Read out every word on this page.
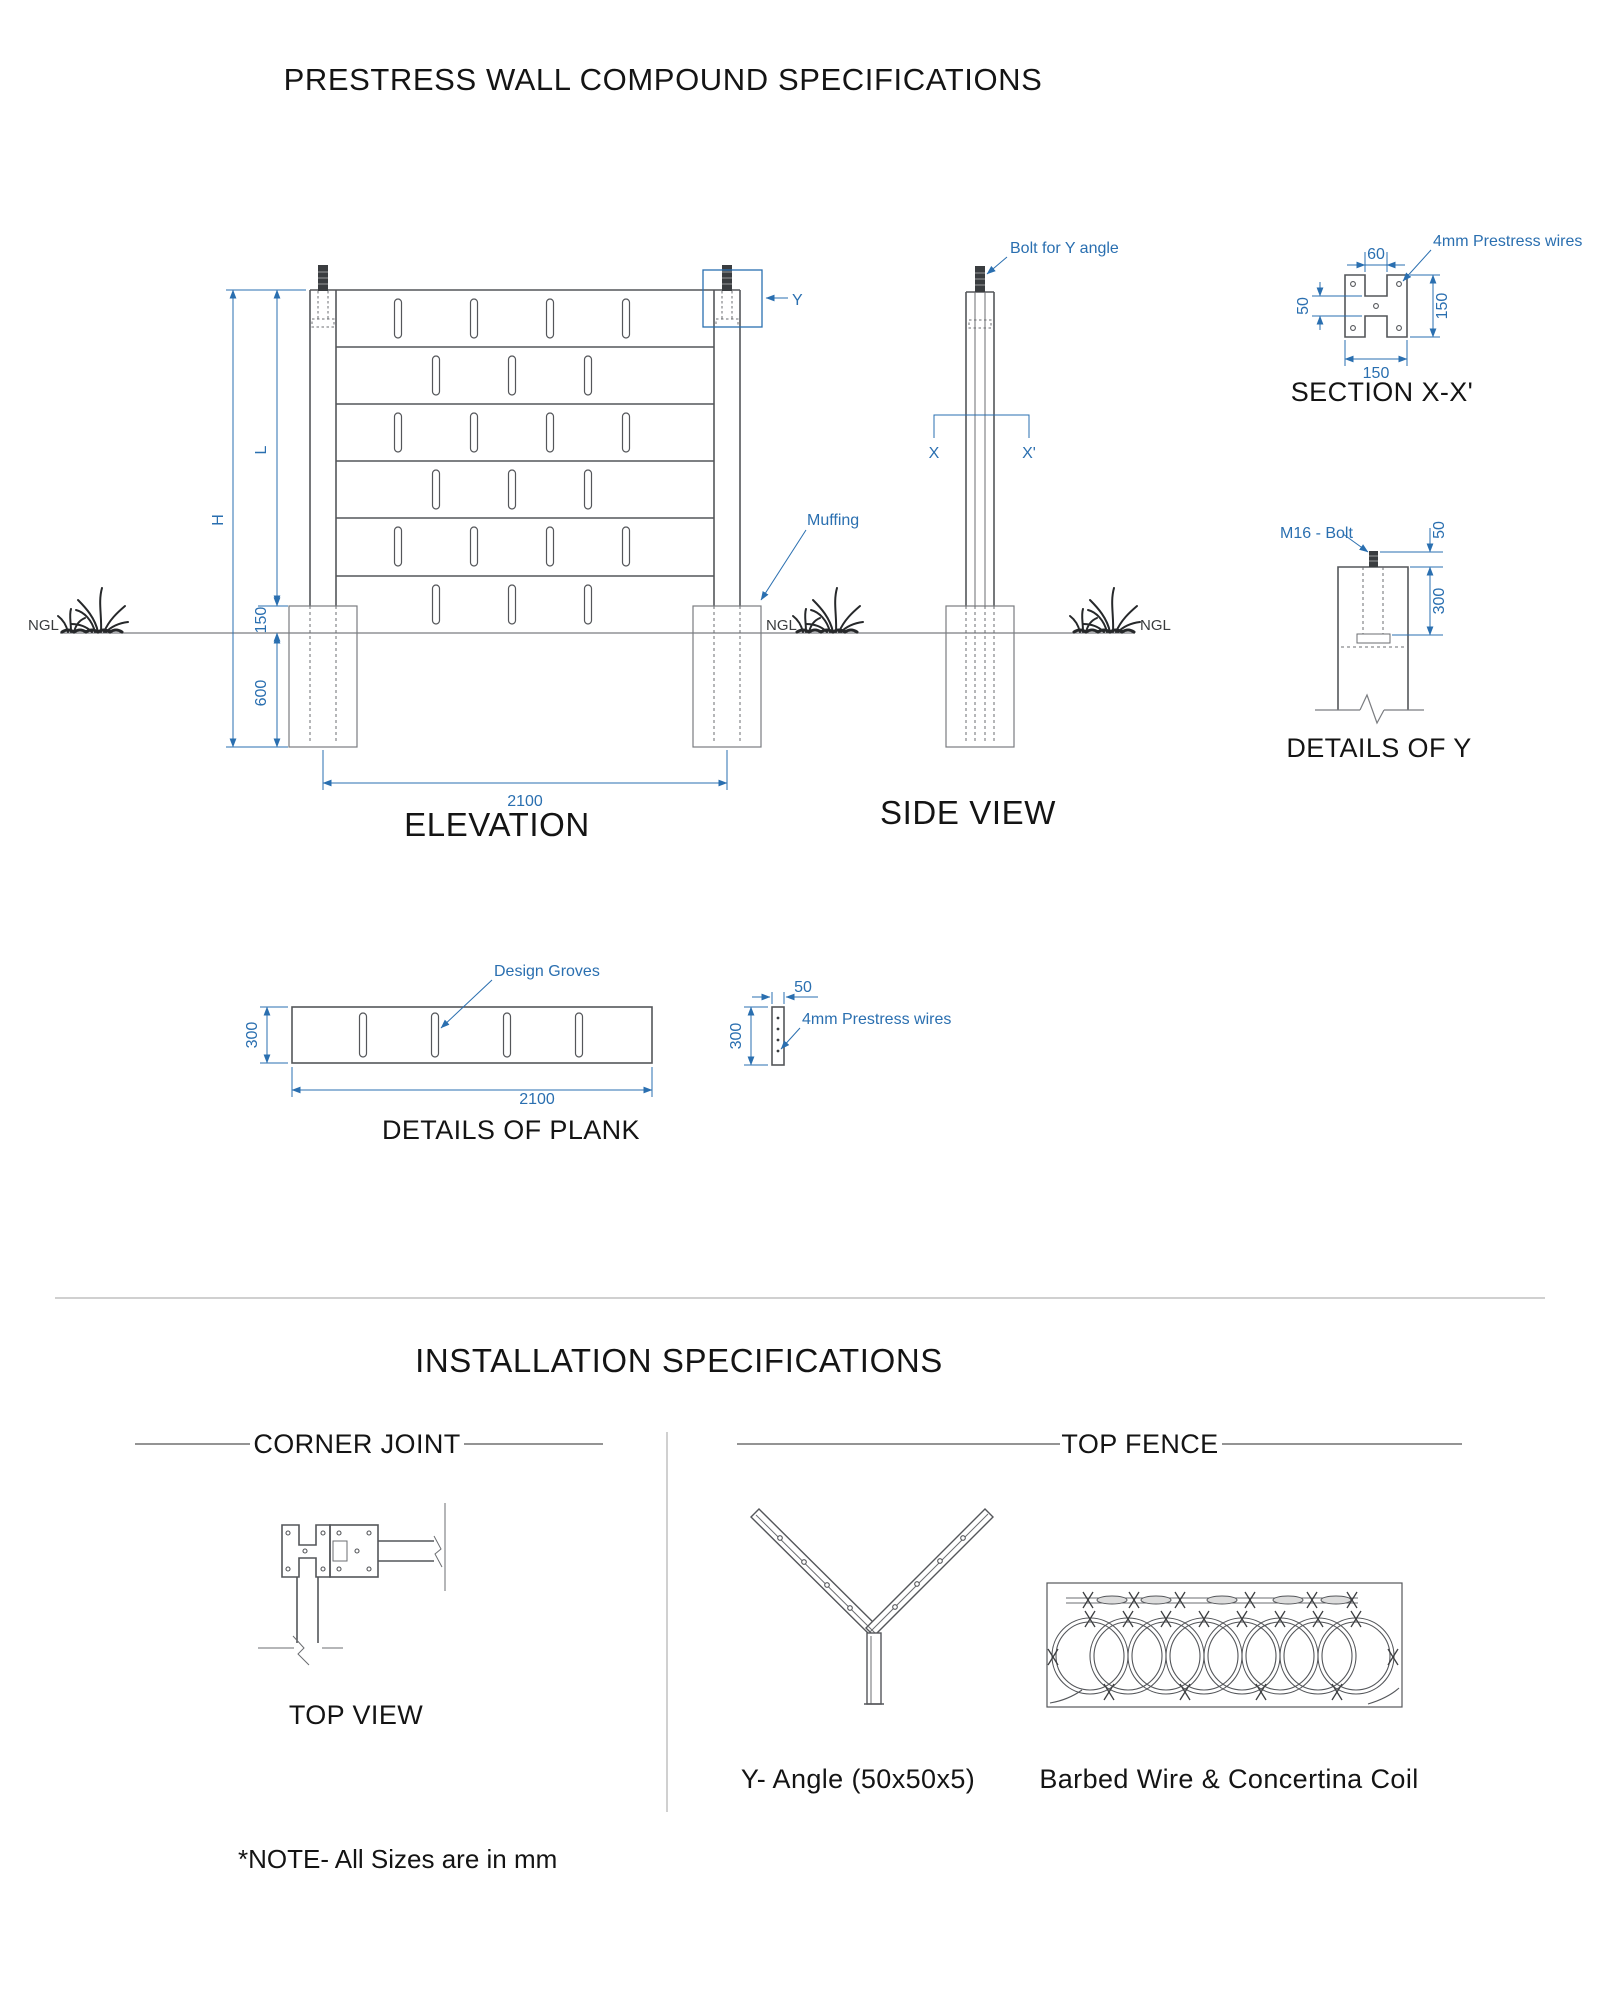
PRESTRESS WALL COMPOUND SPECIFICATIONS
NGL	NGL	NGL
Y
H
L
150
600
2100
ELEVATION
X	X'
Bolt for Y angle
Muffing
SIDE VIEW
60
50	150
150
4mm Prestress wires
SECTION X-X'
50
300
M16 - Bolt
DETAILS OF Y
Design Groves
300
2100
50
300
4mm Prestress wires
DETAILS OF PLANK
INSTALLATION SPECIFICATIONS
CORNER JOINT
TOP VIEW
TOP FENCE
Y- Angle (50x50x5) Barbed Wire & Concertina Coil
*NOTE- All Sizes are in mm
